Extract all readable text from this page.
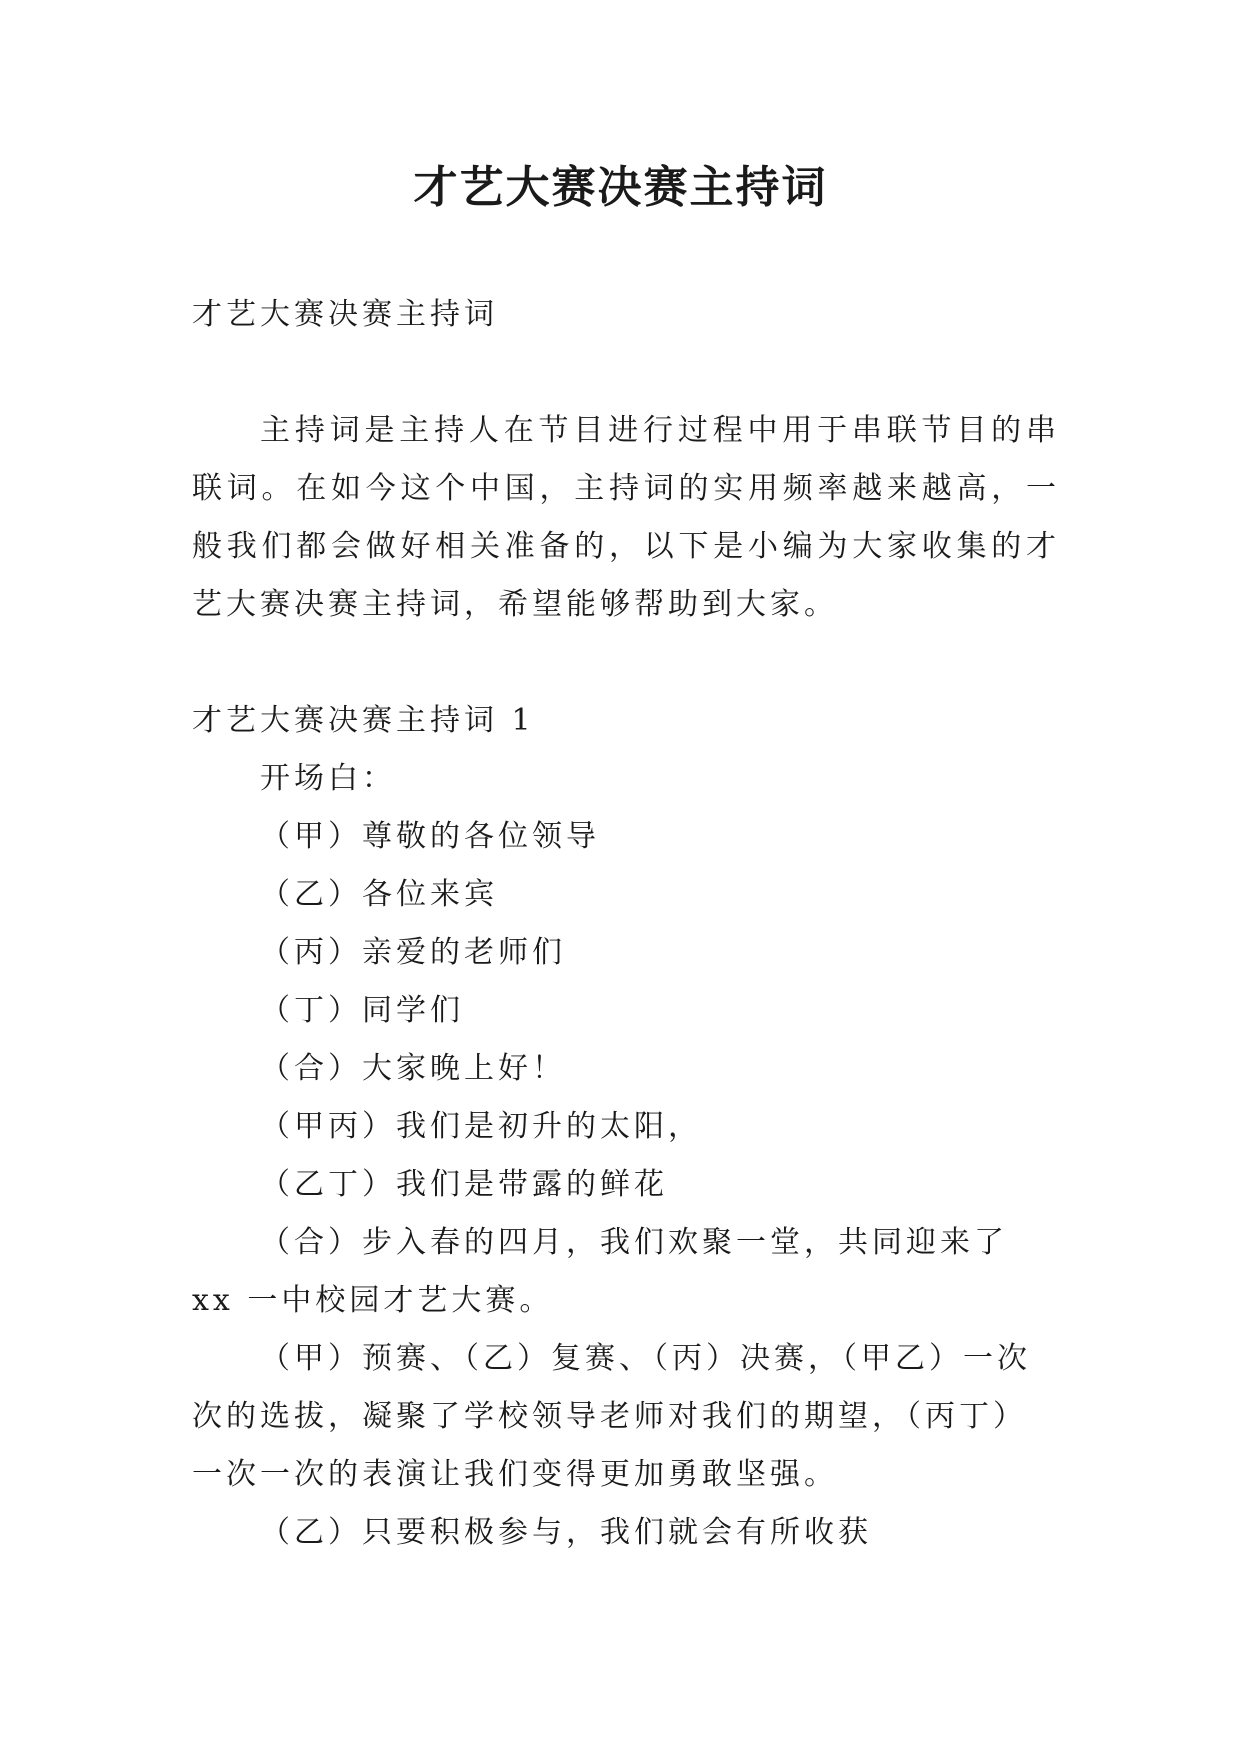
才艺大赛决赛主持词

才艺大赛决赛主持词

主持词是主持人在节目进行过程中用于串联节目的串联词。在如今这个中国，主持词的实用频率越来越高，一般我们都会做好相关准备的，以下是小编为大家收集的才艺大赛决赛主持词，希望能够帮助到大家。

才艺大赛决赛主持词 1

开场白：

（甲）尊敬的各位领导

（乙）各位来宾

（丙）亲爱的老师们

（丁）同学们

（合）大家晚上好！

（甲丙）我们是初升的太阳，

（乙丁）我们是带露的鲜花

（合）步入春的四月，我们欢聚一堂，共同迎来了 xx 一中校园才艺大赛。

（甲）预赛、（乙）复赛、（丙）决赛，（甲乙）一次次的选拔，凝聚了学校领导老师对我们的期望，（丙丁）一次一次的表演让我们变得更加勇敢坚强。

（乙）只要积极参与，我们就会有所收获
